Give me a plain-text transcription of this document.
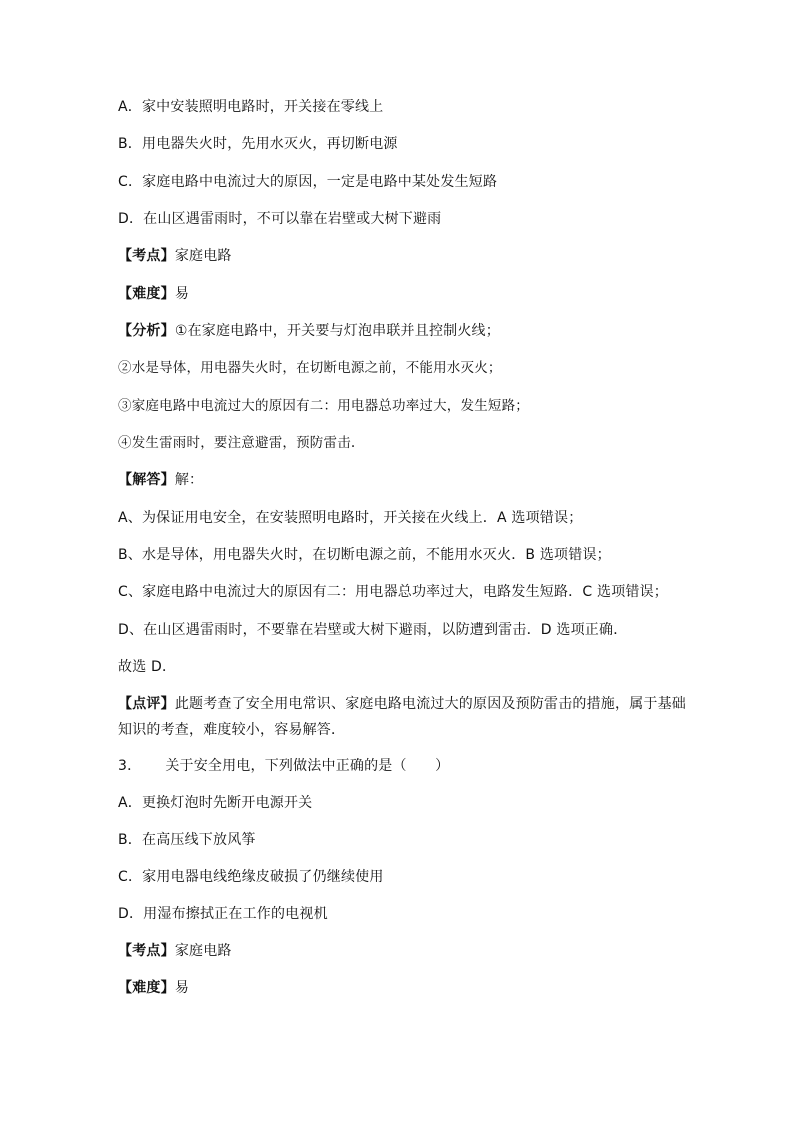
A．家中安装照明电路时，开关接在零线上
B．用电器失火时，先用水灭火，再切断电源
C．家庭电路中电流过大的原因，一定是电路中某处发生短路
D．在山区遇雷雨时，不可以靠在岩壁或大树下避雨
【考点】家庭电路
【难度】易
【分析】①在家庭电路中，开关要与灯泡串联并且控制火线；
②水是导体，用电器失火时，在切断电源之前，不能用水灭火；
③家庭电路中电流过大的原因有二：用电器总功率过大，发生短路；
④发生雷雨时，要注意避雷，预防雷击.
【解答】解：
A、为保证用电安全，在安装照明电路时，开关接在火线上．A 选项错误；
B、水是导体，用电器失火时，在切断电源之前，不能用水灭火．B 选项错误；
C、家庭电路中电流过大的原因有二：用电器总功率过大，电路发生短路．C 选项错误；
D、在山区遇雷雨时，不要靠在岩壁或大树下避雨，以防遭到雷击．D 选项正确．
故选 D．
【点评】此题考查了安全用电常识、家庭电路电流过大的原因及预防雷击的措施，属于基础
知识的考查，难度较小，容易解答．
3． 关于安全用电，下列做法中正确的是（　　）
A．更换灯泡时先断开电源开关
B．在高压线下放风筝
C．家用电器电线绝缘皮破损了仍继续使用
D．用湿布擦拭正在工作的电视机
【考点】家庭电路
【难度】易
